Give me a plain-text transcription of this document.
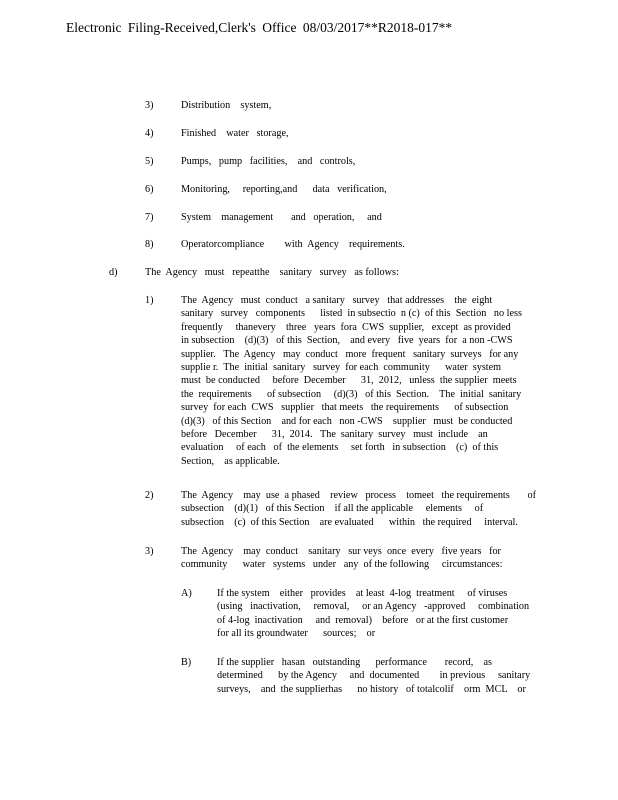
Electronic Filing-Received,Clerk's Office 08/03/2017**R2018-017**
3)	Distribution    system,
4)	Finished    water   storage,
5)	Pumps,   pump   facilities,    and   controls,
6)	Monitoring,     reporting,and      data   verification,
7)	System    management       and   operation,     and
8)	Operatorcompliance        with  Agency    requirements.
d)	The  Agency   must   repeatthe    sanitary   survey   as follows:
1)	The  Agency   must  conduct   a sanitary   survey   that addresses    the  eight
sanitary   survey   components      listed  in subsectio  n (c)  of this  Section   no less
frequently     thanevery    three   years  fora  CWS  supplier,   except  as provided
in subsection    (d)(3)   of this  Section,    and every   five  years  for  a non -CWS
supplier.   The  Agency   may  conduct   more  frequent   sanitary  surveys   for any
supplie r.  The  initial  sanitary   survey  for each  community      water  system
must  be conducted     before  December      31,  2012,   unless  the supplier  meets
the  requirements      of subsection     (d)(3)   of this  Section.    The  initial  sanitary
survey  for each  CWS   supplier   that meets   the requirements      of subsection
(d)(3)   of this Section    and for each   non -CWS    supplier   must  be conducted
before   December      31,  2014.   The  sanitary  survey   must  include    an
evaluation     of each   of  the elements     set forth   in subsection    (c)  of this
Section,    as applicable.
2)	The  Agency    may  use  a phased    review   process    tomeet   the requirements       of
subsection    (d)(1)   of this Section    if all the applicable     elements     of
subsection    (c)  of this Section    are evaluated      within   the required     interval.
3)	The  Agency    may  conduct    sanitary   sur veys  once  every   five years   for
community      water   systems   under   any  of the following     circumstances:
A) If the system    either   provides    at least  4-log  treatment     of viruses
(using   inactivation,     removal,     or an Agency   -approved     combination
of 4-log  inactivation     and  removal)    before   or at the first customer
for all its groundwater      sources;    or
B)	If the supplier   hasan   outstanding      performance       record,    as
determined      by the Agency     and  documented        in previous     sanitary
surveys,    and  the supplierhas      no history   of totalcolif    orm  MCL    or
